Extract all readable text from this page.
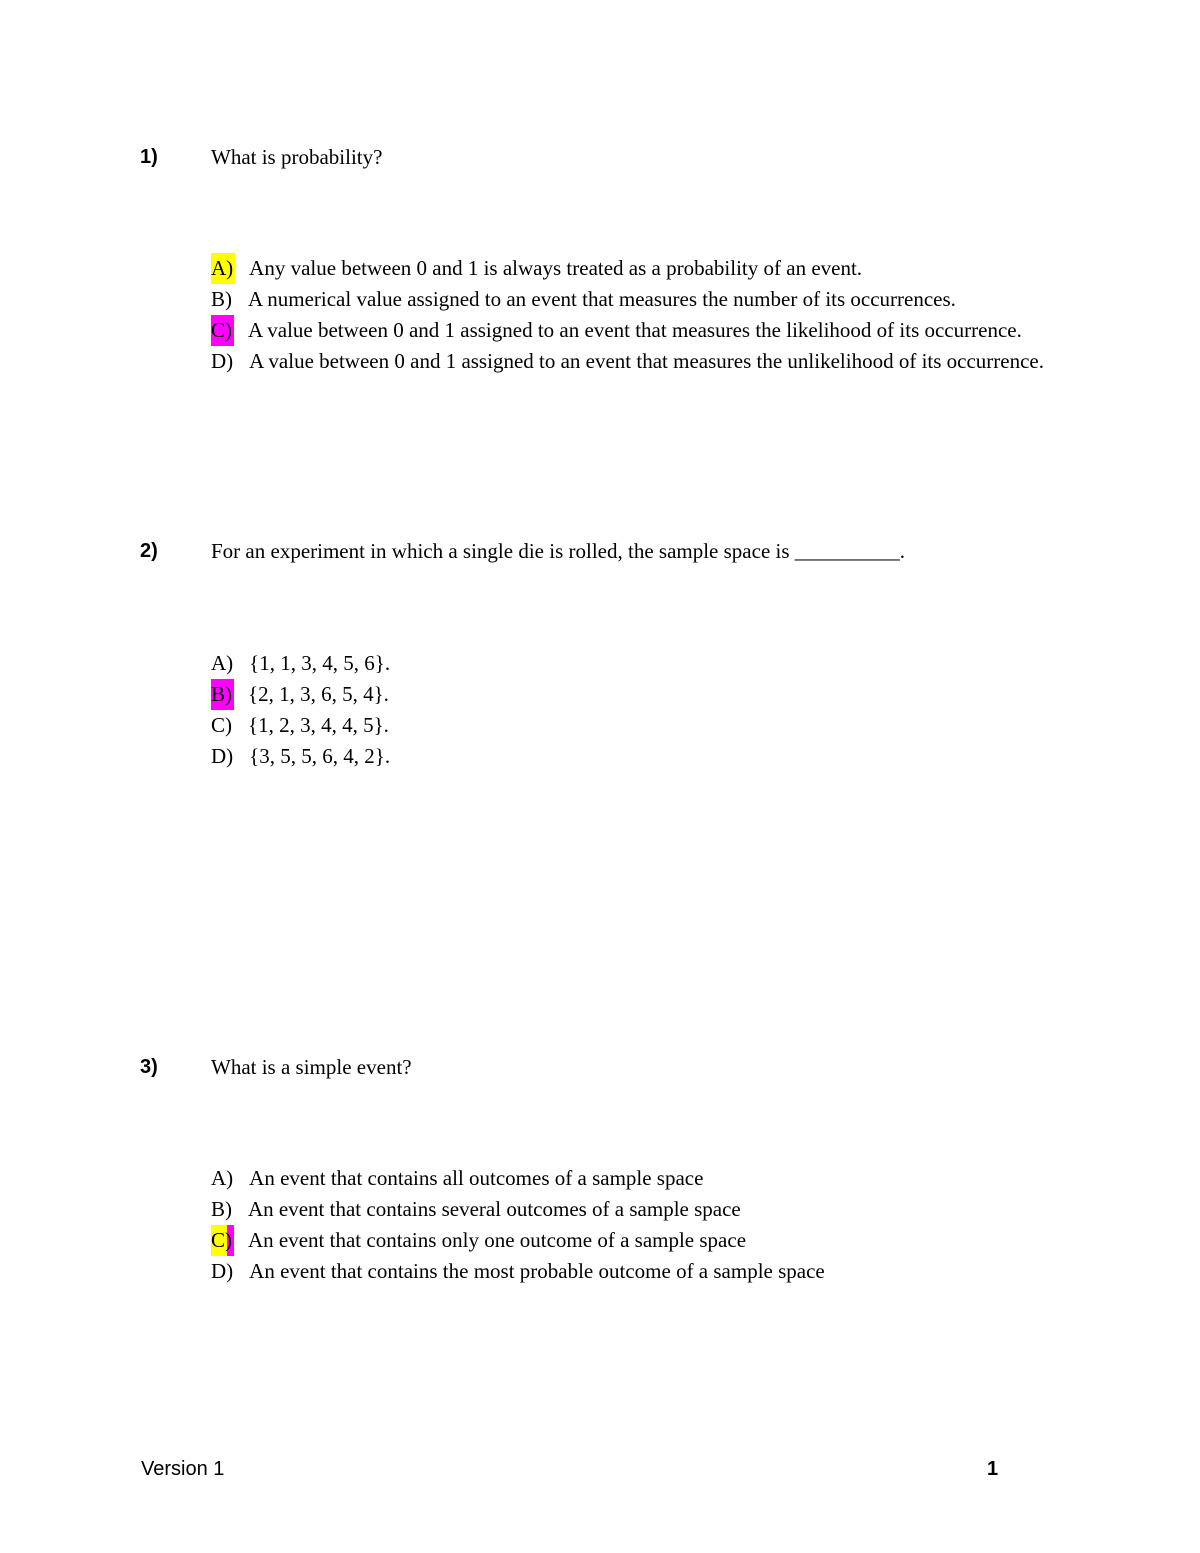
1)	What is probability?
A) Any value between 0 and 1 is always treated as a probability of an event.
B) A numerical value assigned to an event that measures the number of its occurrences.
C) A value between 0 and 1 assigned to an event that measures the likelihood of its occurrence.
D) A value between 0 and 1 assigned to an event that measures the unlikelihood of its occurrence.
2)	For an experiment in which a single die is rolled, the sample space is __________.
A) {1, 1, 3, 4, 5, 6}.
B) {2, 1, 3, 6, 5, 4}.
C) {1, 2, 3, 4, 4, 5}.
D) {3, 5, 5, 6, 4, 2}.
3)	What is a simple event?
A) An event that contains all outcomes of a sample space
B) An event that contains several outcomes of a sample space
C) An event that contains only one outcome of a sample space
D) An event that contains the most probable outcome of a sample space
Version 1	1
